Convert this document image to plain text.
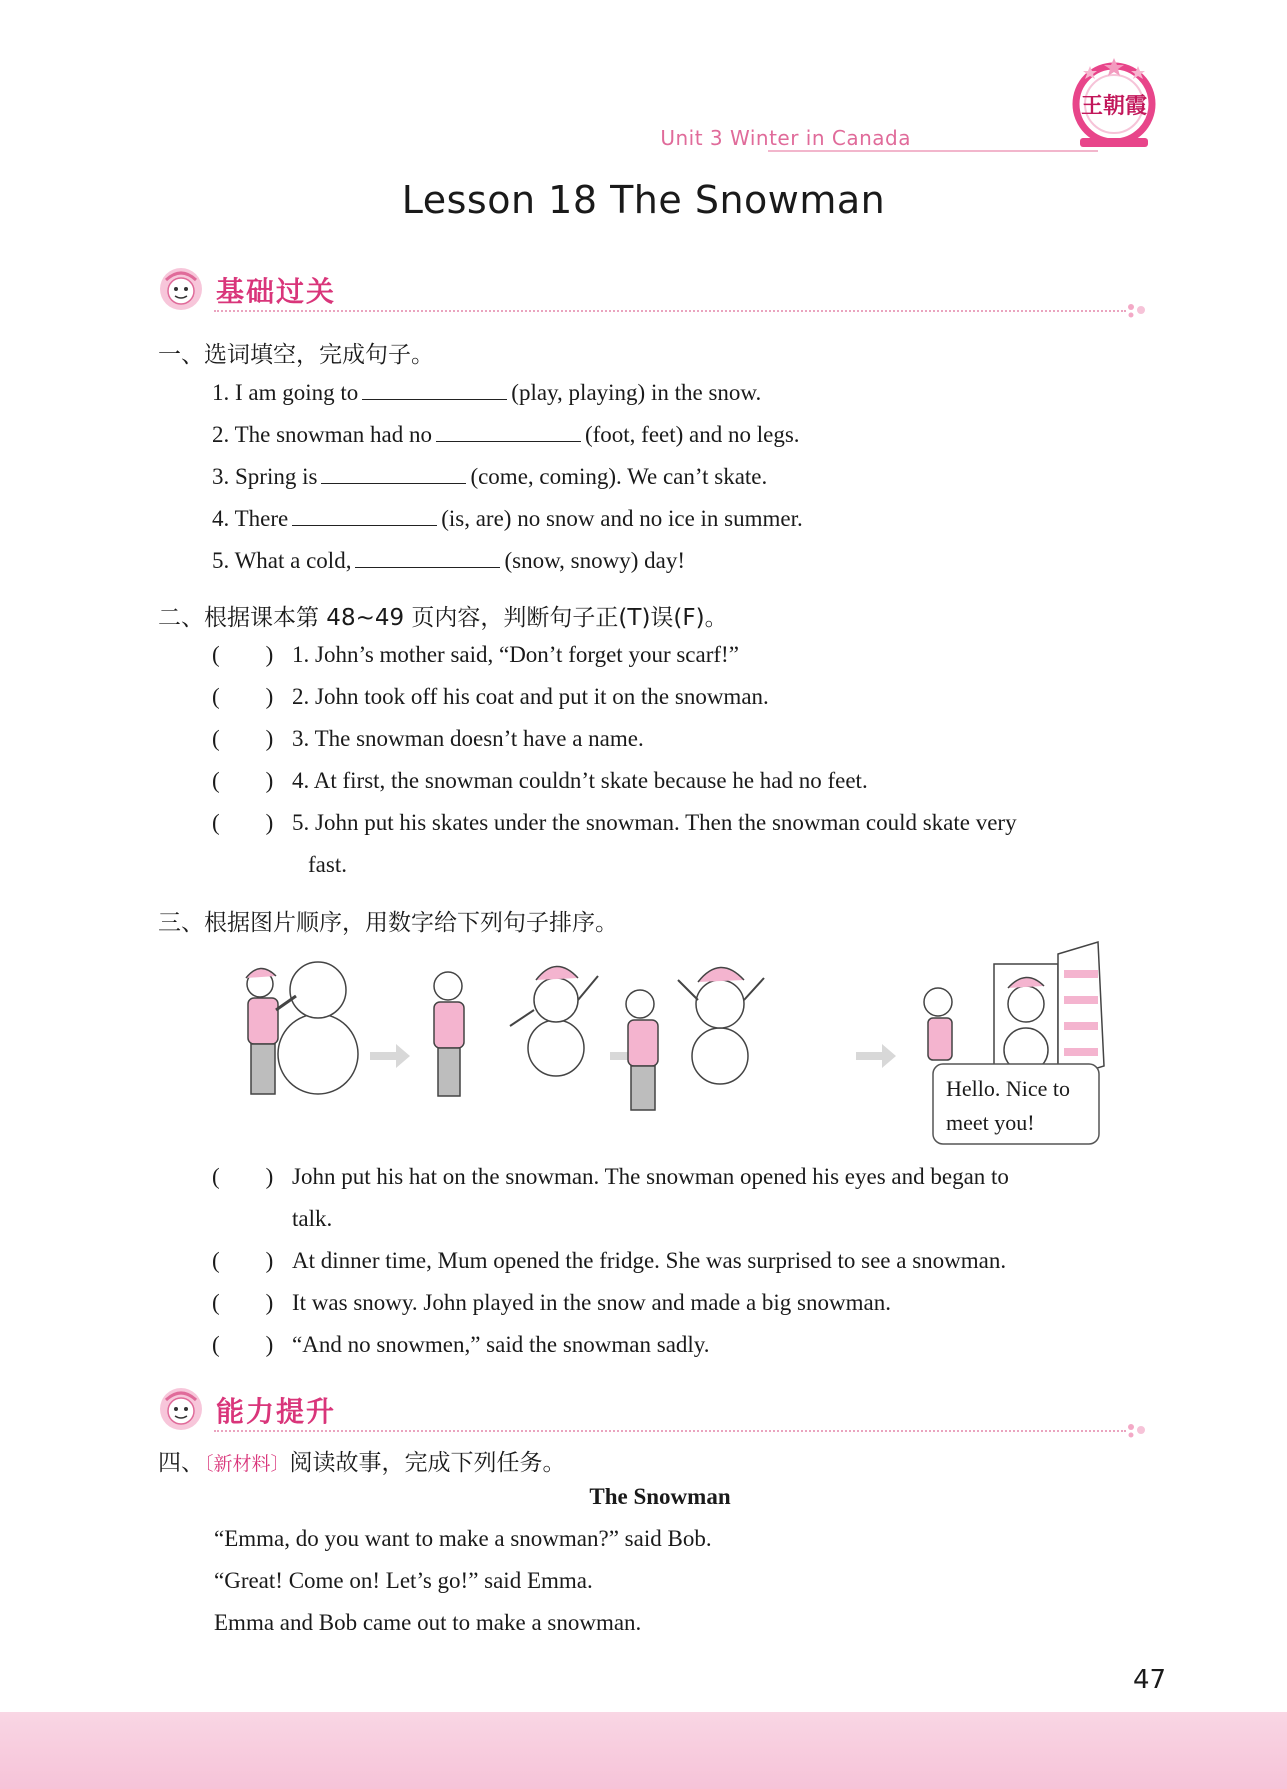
Unit 3 Winter in Canada
王朝霞
Lesson 18 The Snowman
基础过关
一、选词填空，完成句子。
1. I am going to	(play, playing) in the snow.
2. The snowman had no	(foot, feet) and no legs.
3. Spring is	(come, coming). We can’t skate.
4. There	(is, are) no snow and no ice in summer.
5. What a cold,	(snow, snowy) day!
二、根据课本第 48~49 页内容，判断句子正(T)误(F)。
(        ) 1. John’s mother said, “Don’t forget your scarf!”
(        ) 2. John took off his coat and put it on the snowman.
(        ) 3. The snowman doesn’t have a name.
(        ) 4. At first, the snowman couldn’t skate because he had no feet.
(        ) 5. John put his skates under the snowman. Then the snowman could skate very
fast.
三、根据图片顺序，用数字给下列句子排序。
Hello. Nice to
meet you!
(        ) John put his hat on the snowman. The snowman opened his eyes and began to
talk.
(        ) At dinner time, Mum opened the fridge. She was surprised to see a snowman.
(        ) It was snowy. John played in the snow and made a big snowman.
(        ) “And no snowmen,” said the snowman sadly.
能力提升
四、〔新材料〕阅读故事，完成下列任务。
The Snowman
“Emma, do you want to make a snowman?” said Bob.
“Great! Come on! Let’s go!” said Emma.
Emma and Bob came out to make a snowman.
47
